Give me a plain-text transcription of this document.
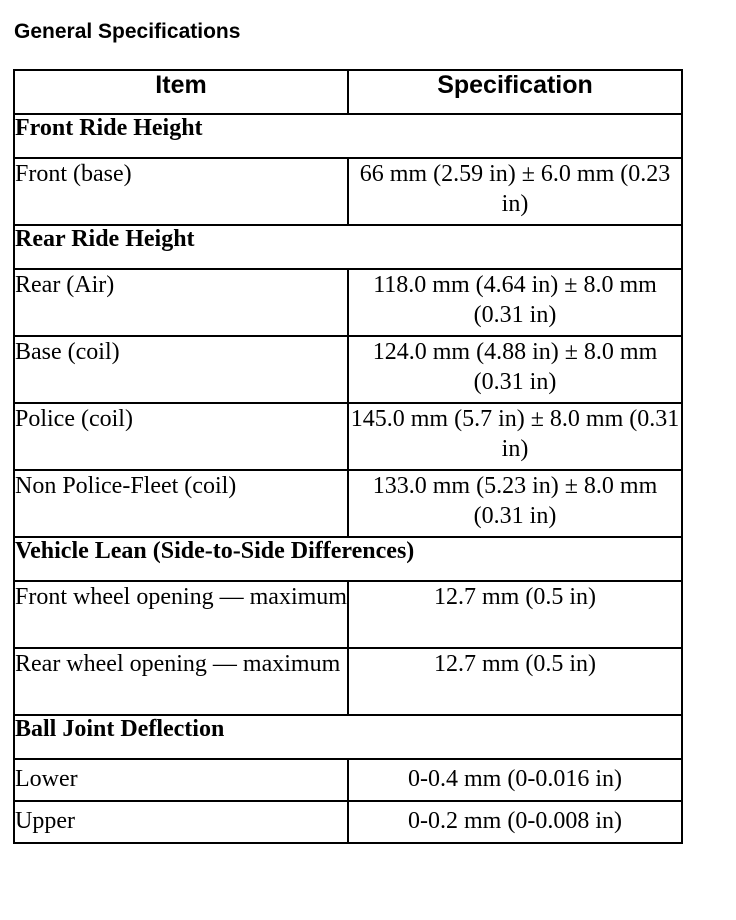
General Specifications
Item	Specification
Front Ride Height	
Front (base)	66 mm (2.59 in) ± 6.0 mm (0.23 in)
Rear Ride Height	
Rear (Air)	118.0 mm (4.64 in) ± 8.0 mm (0.31 in)
Base (coil)	124.0 mm (4.88 in) ± 8.0 mm (0.31 in)
Police (coil)	145.0 mm (5.7 in) ± 8.0 mm (0.31 in)
Non Police-Fleet (coil)	133.0 mm (5.23 in) ± 8.0 mm (0.31 in)
Vehicle Lean (Side-to-Side Differences)	
Front wheel opening — maximum	12.7 mm (0.5 in)
Rear wheel opening — maximum	12.7 mm (0.5 in)
Ball Joint Deflection	
Lower	0-0.4 mm (0-0.016 in)
Upper	0-0.2 mm (0-0.008 in)
